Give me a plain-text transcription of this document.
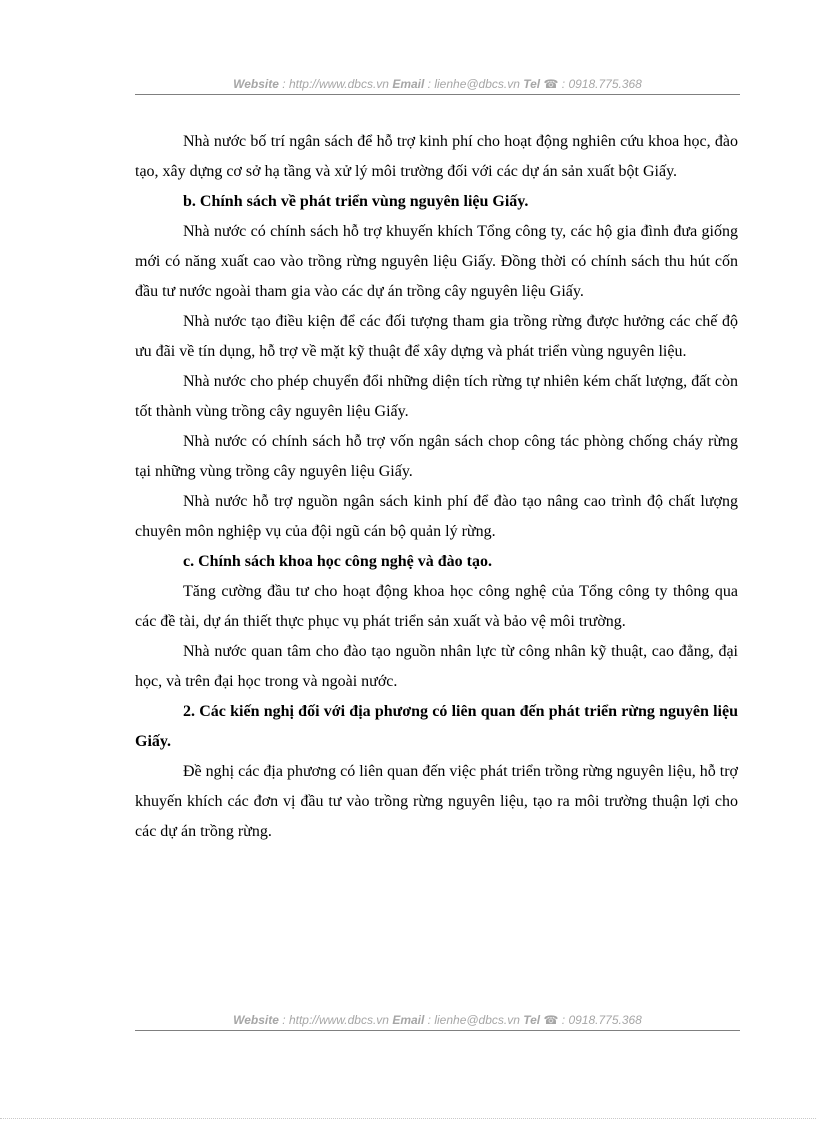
Website : http://www.dbcs.vn Email : lienhe@dbcs.vn Tel ☎ : 0918.775.368

Nhà nước bố trí ngân sách để hỗ trợ kinh phí cho hoạt động nghiên cứu khoa học, đào tạo, xây dựng cơ sở hạ tầng và xử lý môi trường đối với các dự án sản xuất bột Giấy.

b. Chính sách về phát triển vùng nguyên liệu Giấy.

Nhà nước có chính sách hỗ trợ khuyến khích Tổng công ty, các hộ gia đình đưa giống mới có năng xuất cao vào trồng rừng nguyên liệu Giấy. Đồng thời có chính sách thu hút cốn đầu tư nước ngoài tham gia vào các dự án trồng cây nguyên liệu Giấy.

Nhà nước tạo điều kiện để các đối tượng tham gia trồng rừng được hưởng các chế độ ưu đãi về tín dụng, hỗ trợ về mặt kỹ thuật để xây dựng và phát triển vùng nguyên liệu.

Nhà nước cho phép chuyển đổi những diện tích rừng tự nhiên kém chất lượng, đất còn tốt thành vùng trồng cây nguyên liệu Giấy.

Nhà nước có chính sách hỗ trợ vốn ngân sách chop công tác phòng chống cháy rừng tại những vùng trồng cây nguyên liệu Giấy.

Nhà nước hỗ trợ nguồn ngân sách kinh phí để đào tạo nâng cao trình độ chất lượng chuyên môn nghiệp vụ của đội ngũ cán bộ quản lý rừng.

c. Chính sách khoa học công nghệ và đào tạo.

Tăng cường đầu tư cho hoạt động khoa học công nghệ của Tổng công ty thông qua các đề tài, dự án thiết thực phục vụ phát triển sản xuất và bảo vệ môi trường.

Nhà nước quan tâm cho đào tạo nguồn nhân lực từ công nhân kỹ thuật, cao đẳng, đại học, và trên đại học trong và ngoài nước.

2. Các kiến nghị đối với địa phương có liên quan đến phát triển rừng nguyên liệu Giấy.

Đề nghị các địa phương có liên quan đến việc phát triển trồng rừng nguyên liệu, hỗ trợ khuyến khích các đơn vị đầu tư vào trồng rừng nguyên liệu, tạo ra môi trường thuận lợi cho các dự án trồng rừng.

Website : http://www.dbcs.vn Email : lienhe@dbcs.vn Tel ☎ : 0918.775.368
